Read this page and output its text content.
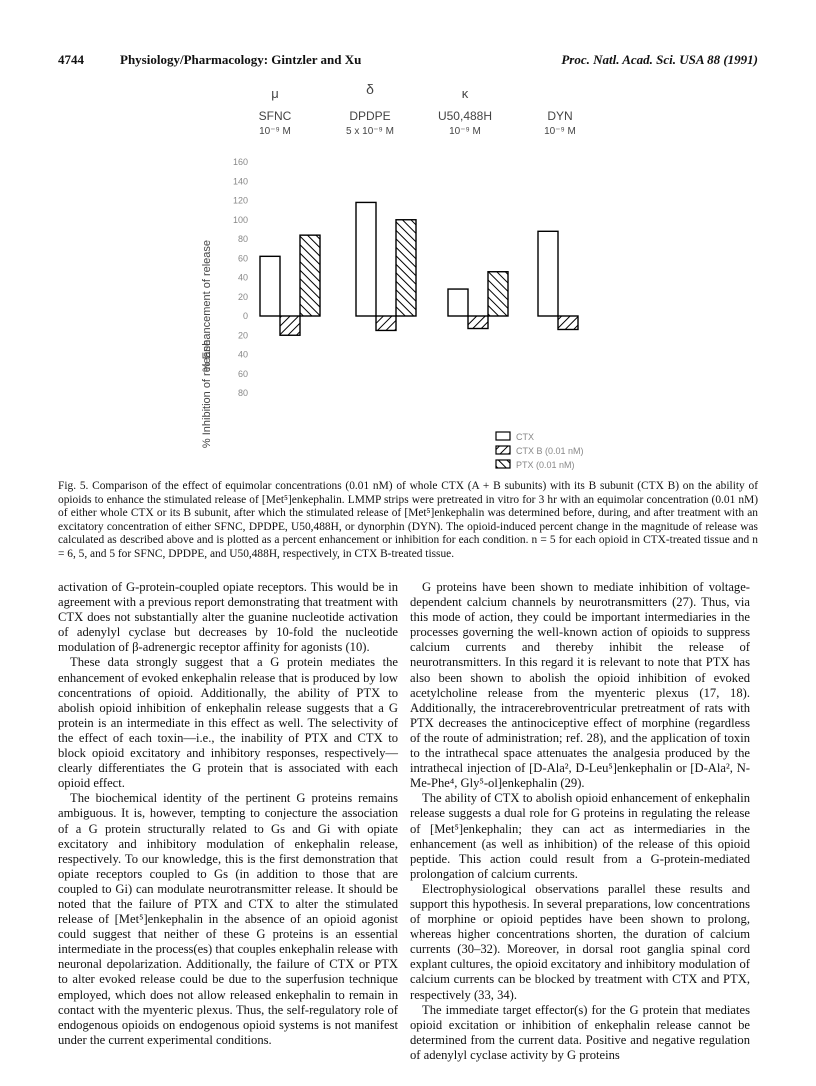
4744	Physiology/Pharmacology: Gintzler and Xu	Proc. Natl. Acad. Sci. USA 88 (1991)
μ
SFNC
10⁻⁹ M
δ
DPDPE
5 x 10⁻⁹ M
κ
U50,488H
10⁻⁹ M
DYN
10⁻⁹ M
% Enhancement of release
% Inhibition of release
160
140
120
100
80
60
40
20
0
20
40
60
80
CTX
CTX B (0.01 nM)
PTX (0.01 nM)
Fig. 5. Comparison of the effect of equimolar concentrations (0.01 nM) of whole CTX (A + B subunits) with its B subunit (CTX B) on the ability of opioids to enhance the stimulated release of [Met⁵]enkephalin. LMMP strips were pretreated in vitro for 3 hr with an equimolar concentration (0.01 nM) of either whole CTX or its B subunit, after which the stimulated release of [Met⁵]enkephalin was determined before, during, and after treatment with an excitatory concentration of either SFNC, DPDPE, U50,488H, or dynorphin (DYN). The opioid-induced percent change in the magnitude of release was calculated as described above and is plotted as a percent enhancement or inhibition for each condition. n = 5 for each opioid in CTX-treated tissue and n = 6, 5, and 5 for SFNC, DPDPE, and U50,488H, respectively, in CTX B-treated tissue.

activation of G-protein-coupled opiate receptors. This would be in agreement with a previous report demonstrating that treatment with CTX does not substantially alter the guanine nucleotide activation of adenylyl cyclase but decreases by 10-fold the nucleotide modulation of β-adrenergic receptor affinity for agonists (10).

These data strongly suggest that a G protein mediates the enhancement of evoked enkephalin release that is produced by low concentrations of opioid. Additionally, the ability of PTX to abolish opioid inhibition of enkephalin release suggests that a G protein is an intermediate in this effect as well. The selectivity of the effect of each toxin—i.e., the inability of PTX and CTX to block opioid excitatory and inhibitory responses, respectively—clearly differentiates the G protein that is associated with each opioid effect.

The biochemical identity of the pertinent G proteins remains ambiguous. It is, however, tempting to conjecture the association of a G protein structurally related to Gs and Gi with opiate excitatory and inhibitory modulation of enkephalin release, respectively. To our knowledge, this is the first demonstration that opiate receptors coupled to Gs (in addition to those that are coupled to Gi) can modulate neurotransmitter release. It should be noted that the failure of PTX and CTX to alter the stimulated release of [Met⁵]enkephalin in the absence of an opioid agonist could suggest that neither of these G proteins is an essential intermediate in the process(es) that couples enkephalin release with neuronal depolarization. Additionally, the failure of CTX or PTX to alter evoked release could be due to the superfusion technique employed, which does not allow released enkephalin to remain in contact with the myenteric plexus. Thus, the self-regulatory role of endogenous opioids on endogenous opioid systems is not manifest under the current experimental conditions.

G proteins have been shown to mediate inhibition of voltage-dependent calcium channels by neurotransmitters (27). Thus, via this mode of action, they could be important intermediaries in the processes governing the well-known action of opioids to suppress calcium currents and thereby inhibit the release of neurotransmitters. In this regard it is relevant to note that PTX has also been shown to abolish the opioid inhibition of evoked acetylcholine release from the myenteric plexus (17, 18). Additionally, the intracerebroventricular pretreatment of rats with PTX decreases the antinociceptive effect of morphine (regardless of the route of administration; ref. 28), and the application of toxin to the intrathecal space attenuates the analgesia produced by the intrathecal injection of [D-Ala², D-Leu⁵]enkephalin or [D-Ala², N-Me-Phe⁴, Gly⁵-ol]enkephalin (29).

The ability of CTX to abolish opioid enhancement of enkephalin release suggests a dual role for G proteins in regulating the release of [Met⁵]enkephalin; they can act as intermediaries in the enhancement (as well as inhibition) of the release of this opioid peptide. This action could result from a G-protein-mediated prolongation of calcium currents.

Electrophysiological observations parallel these results and support this hypothesis. In several preparations, low concentrations of morphine or opioid peptides have been shown to prolong, whereas higher concentrations shorten, the duration of calcium currents (30–32). Moreover, in dorsal root ganglia spinal cord explant cultures, the opioid excitatory and inhibitory modulation of calcium currents can be blocked by treatment with CTX and PTX, respectively (33, 34).

The immediate target effector(s) for the G protein that mediates opioid excitation or inhibition of enkephalin release cannot be determined from the current data. Positive and negative regulation of adenylyl cyclase activity by G proteins
